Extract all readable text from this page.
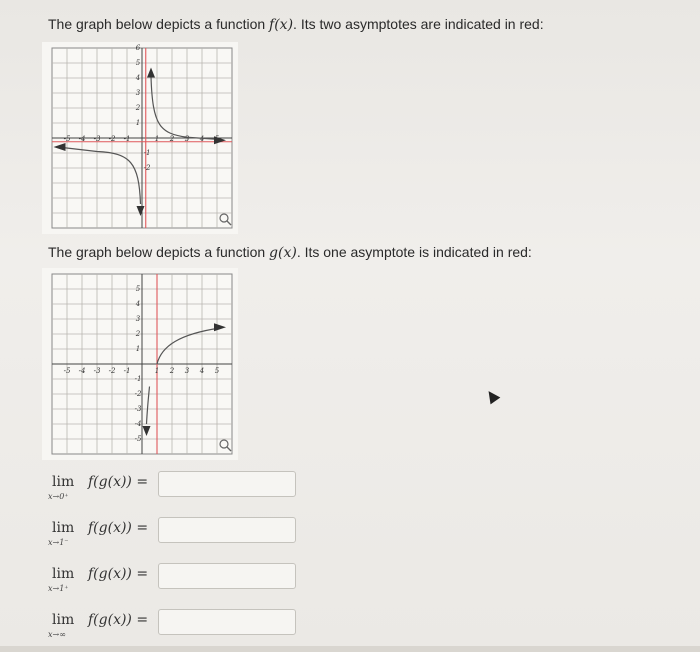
The graph below depicts a function f(x). Its two asymptotes are indicated in red:
-5 -4 -3 -2 -1	1 2 3 4
6
5
4
3
2
1
-1
-2
The graph below depicts a function g(x). Its one asymptote is indicated in red:
-5 -4 -3 -2 -1	1 2 3 4 5
5
4
3
2
1
-1
-2
-3
-4
-5
lim
x→0⁺
f(g(x)) =
lim
x→1⁻
f(g(x)) =
lim
x→1⁺
f(g(x)) =
lim
x→∞
f(g(x)) =
